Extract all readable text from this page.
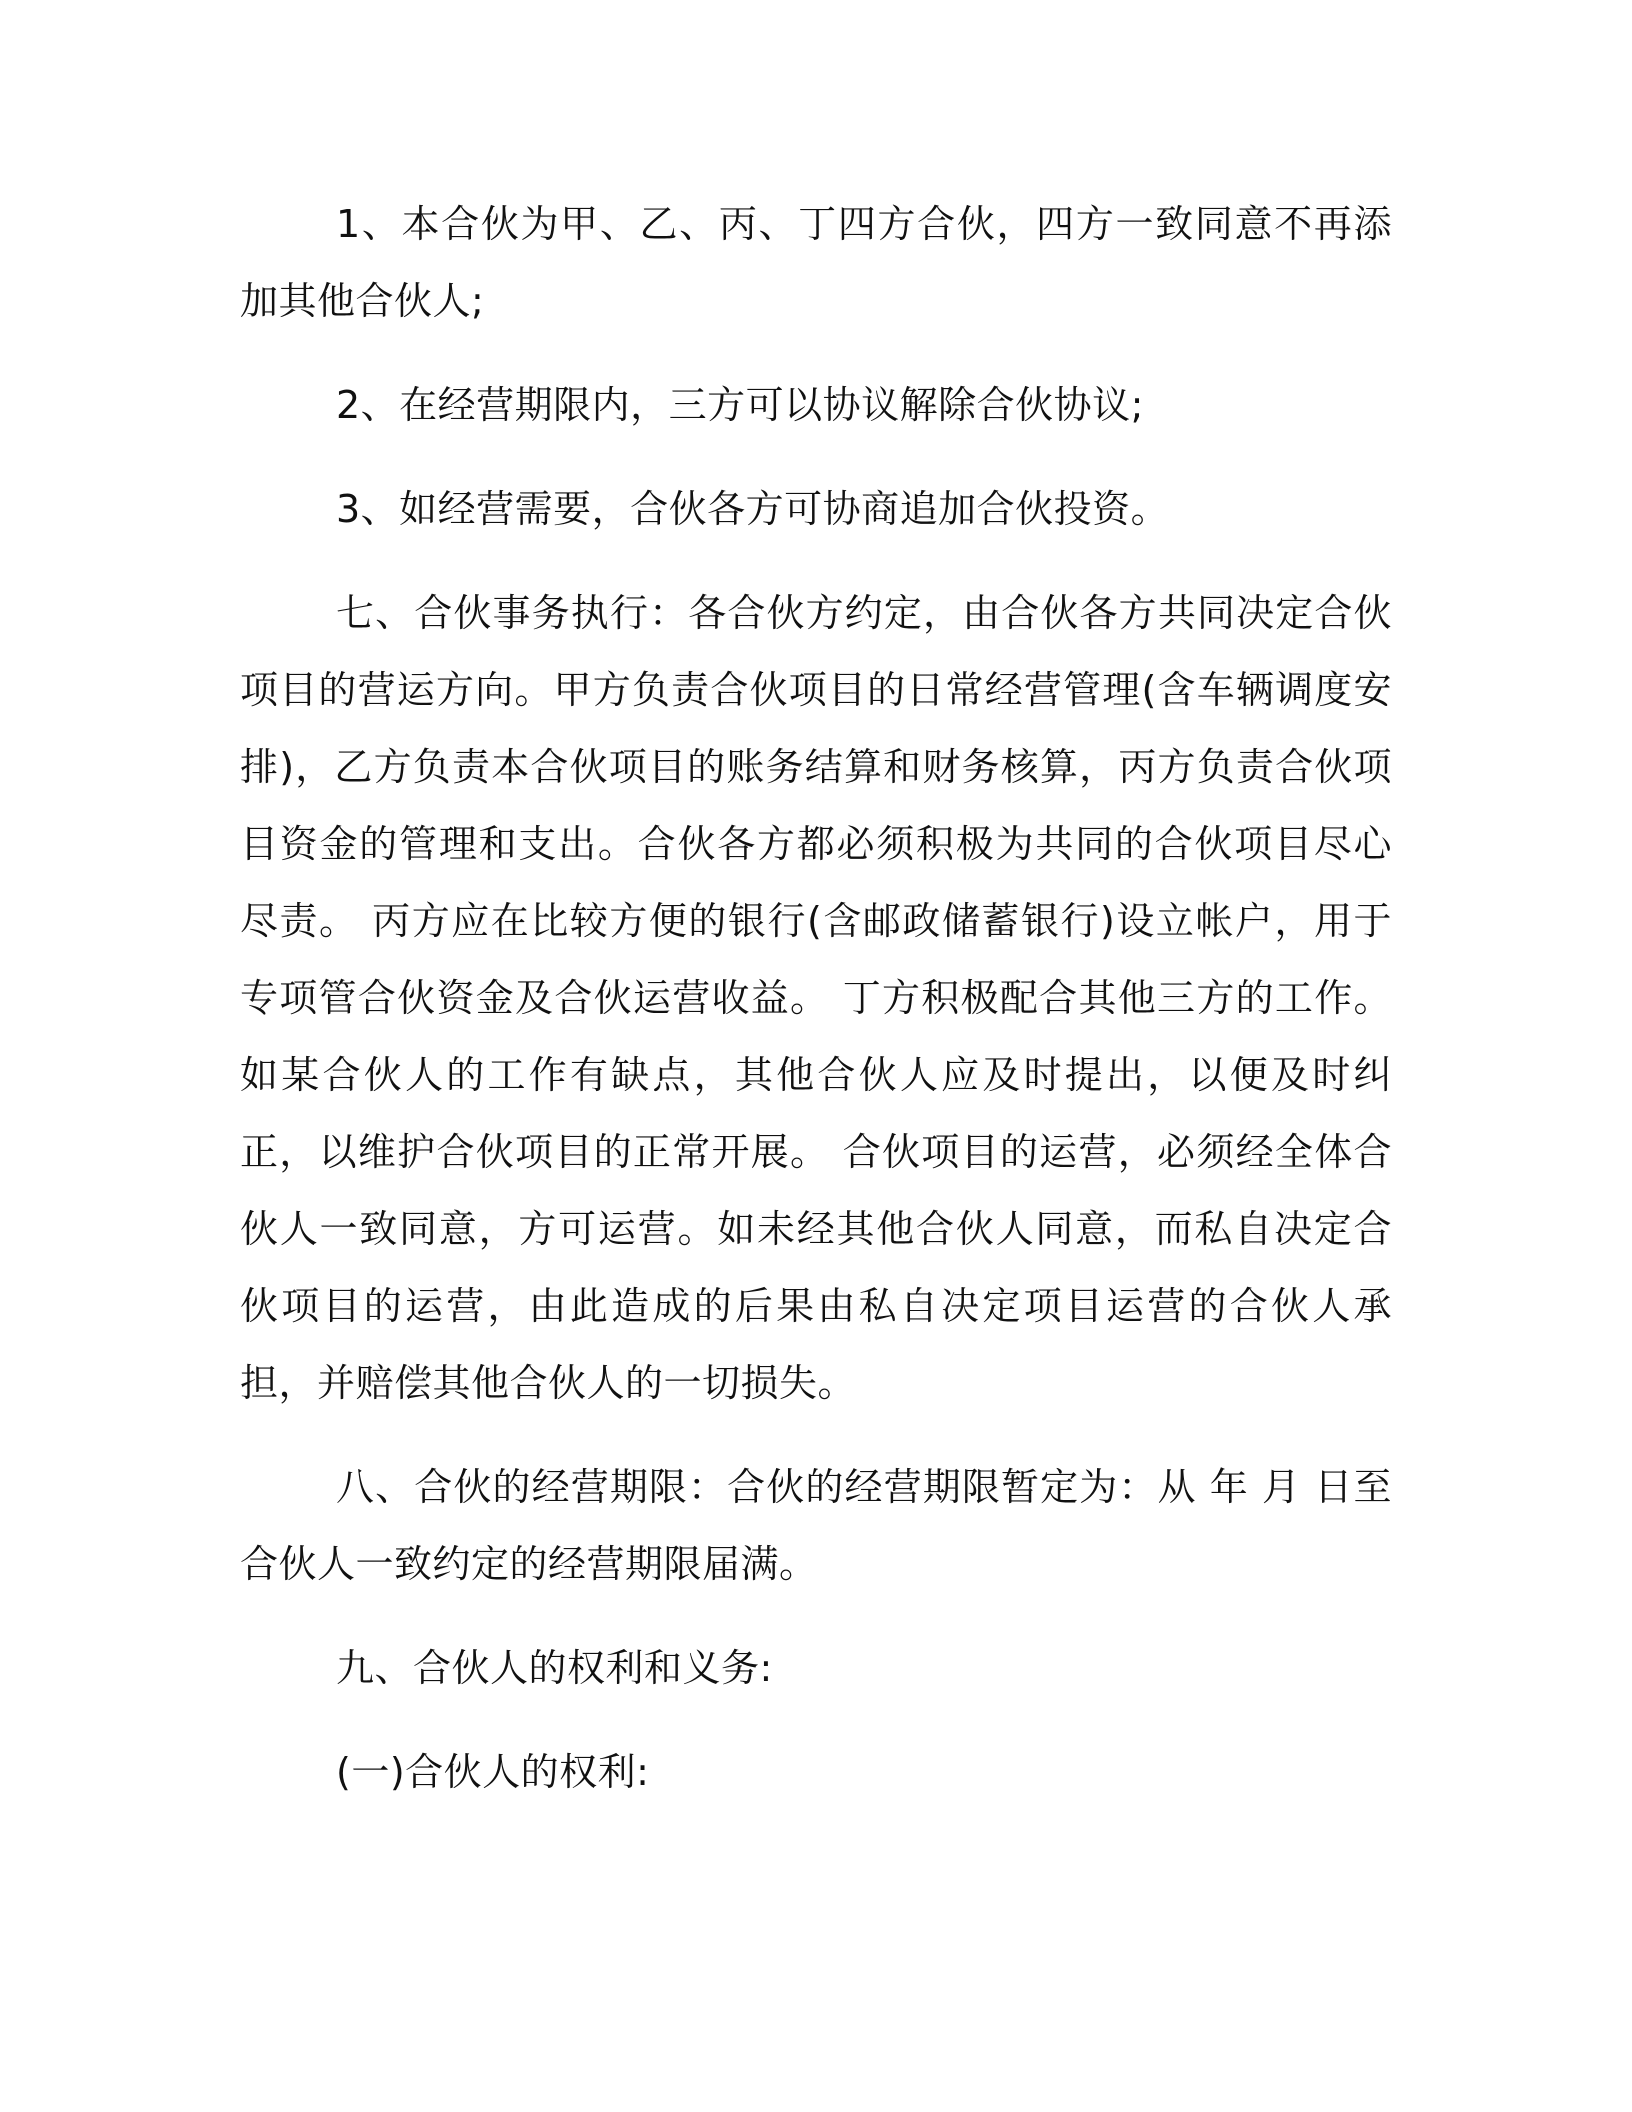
1、本合伙为甲、乙、丙、丁四方合伙，四方一致同意不再添加其他合伙人;

2、在经营期限内，三方可以协议解除合伙协议;

3、如经营需要，合伙各方可协商追加合伙投资。

七、合伙事务执行：各合伙方约定，由合伙各方共同决定合伙项目的营运方向。甲方负责合伙项目的日常经营管理(含车辆调度安排)，乙方负责本合伙项目的账务结算和财务核算，丙方负责合伙项目资金的管理和支出。合伙各方都必须积极为共同的合伙项目尽心尽责。 丙方应在比较方便的银行(含邮政储蓄银行)设立帐户，用于专项管合伙资金及合伙运营收益。 丁方积极配合其他三方的工作。如某合伙人的工作有缺点，其他合伙人应及时提出，以便及时纠正，以维护合伙项目的正常开展。 合伙项目的运营，必须经全体合伙人一致同意，方可运营。如未经其他合伙人同意，而私自决定合伙项目的运营，由此造成的后果由私自决定项目运营的合伙人承担，并赔偿其他合伙人的一切损失。

八、合伙的经营期限：合伙的经营期限暂定为：从 年 月 日至合伙人一致约定的经营期限届满。

九、合伙人的权利和义务:

(一)合伙人的权利:
